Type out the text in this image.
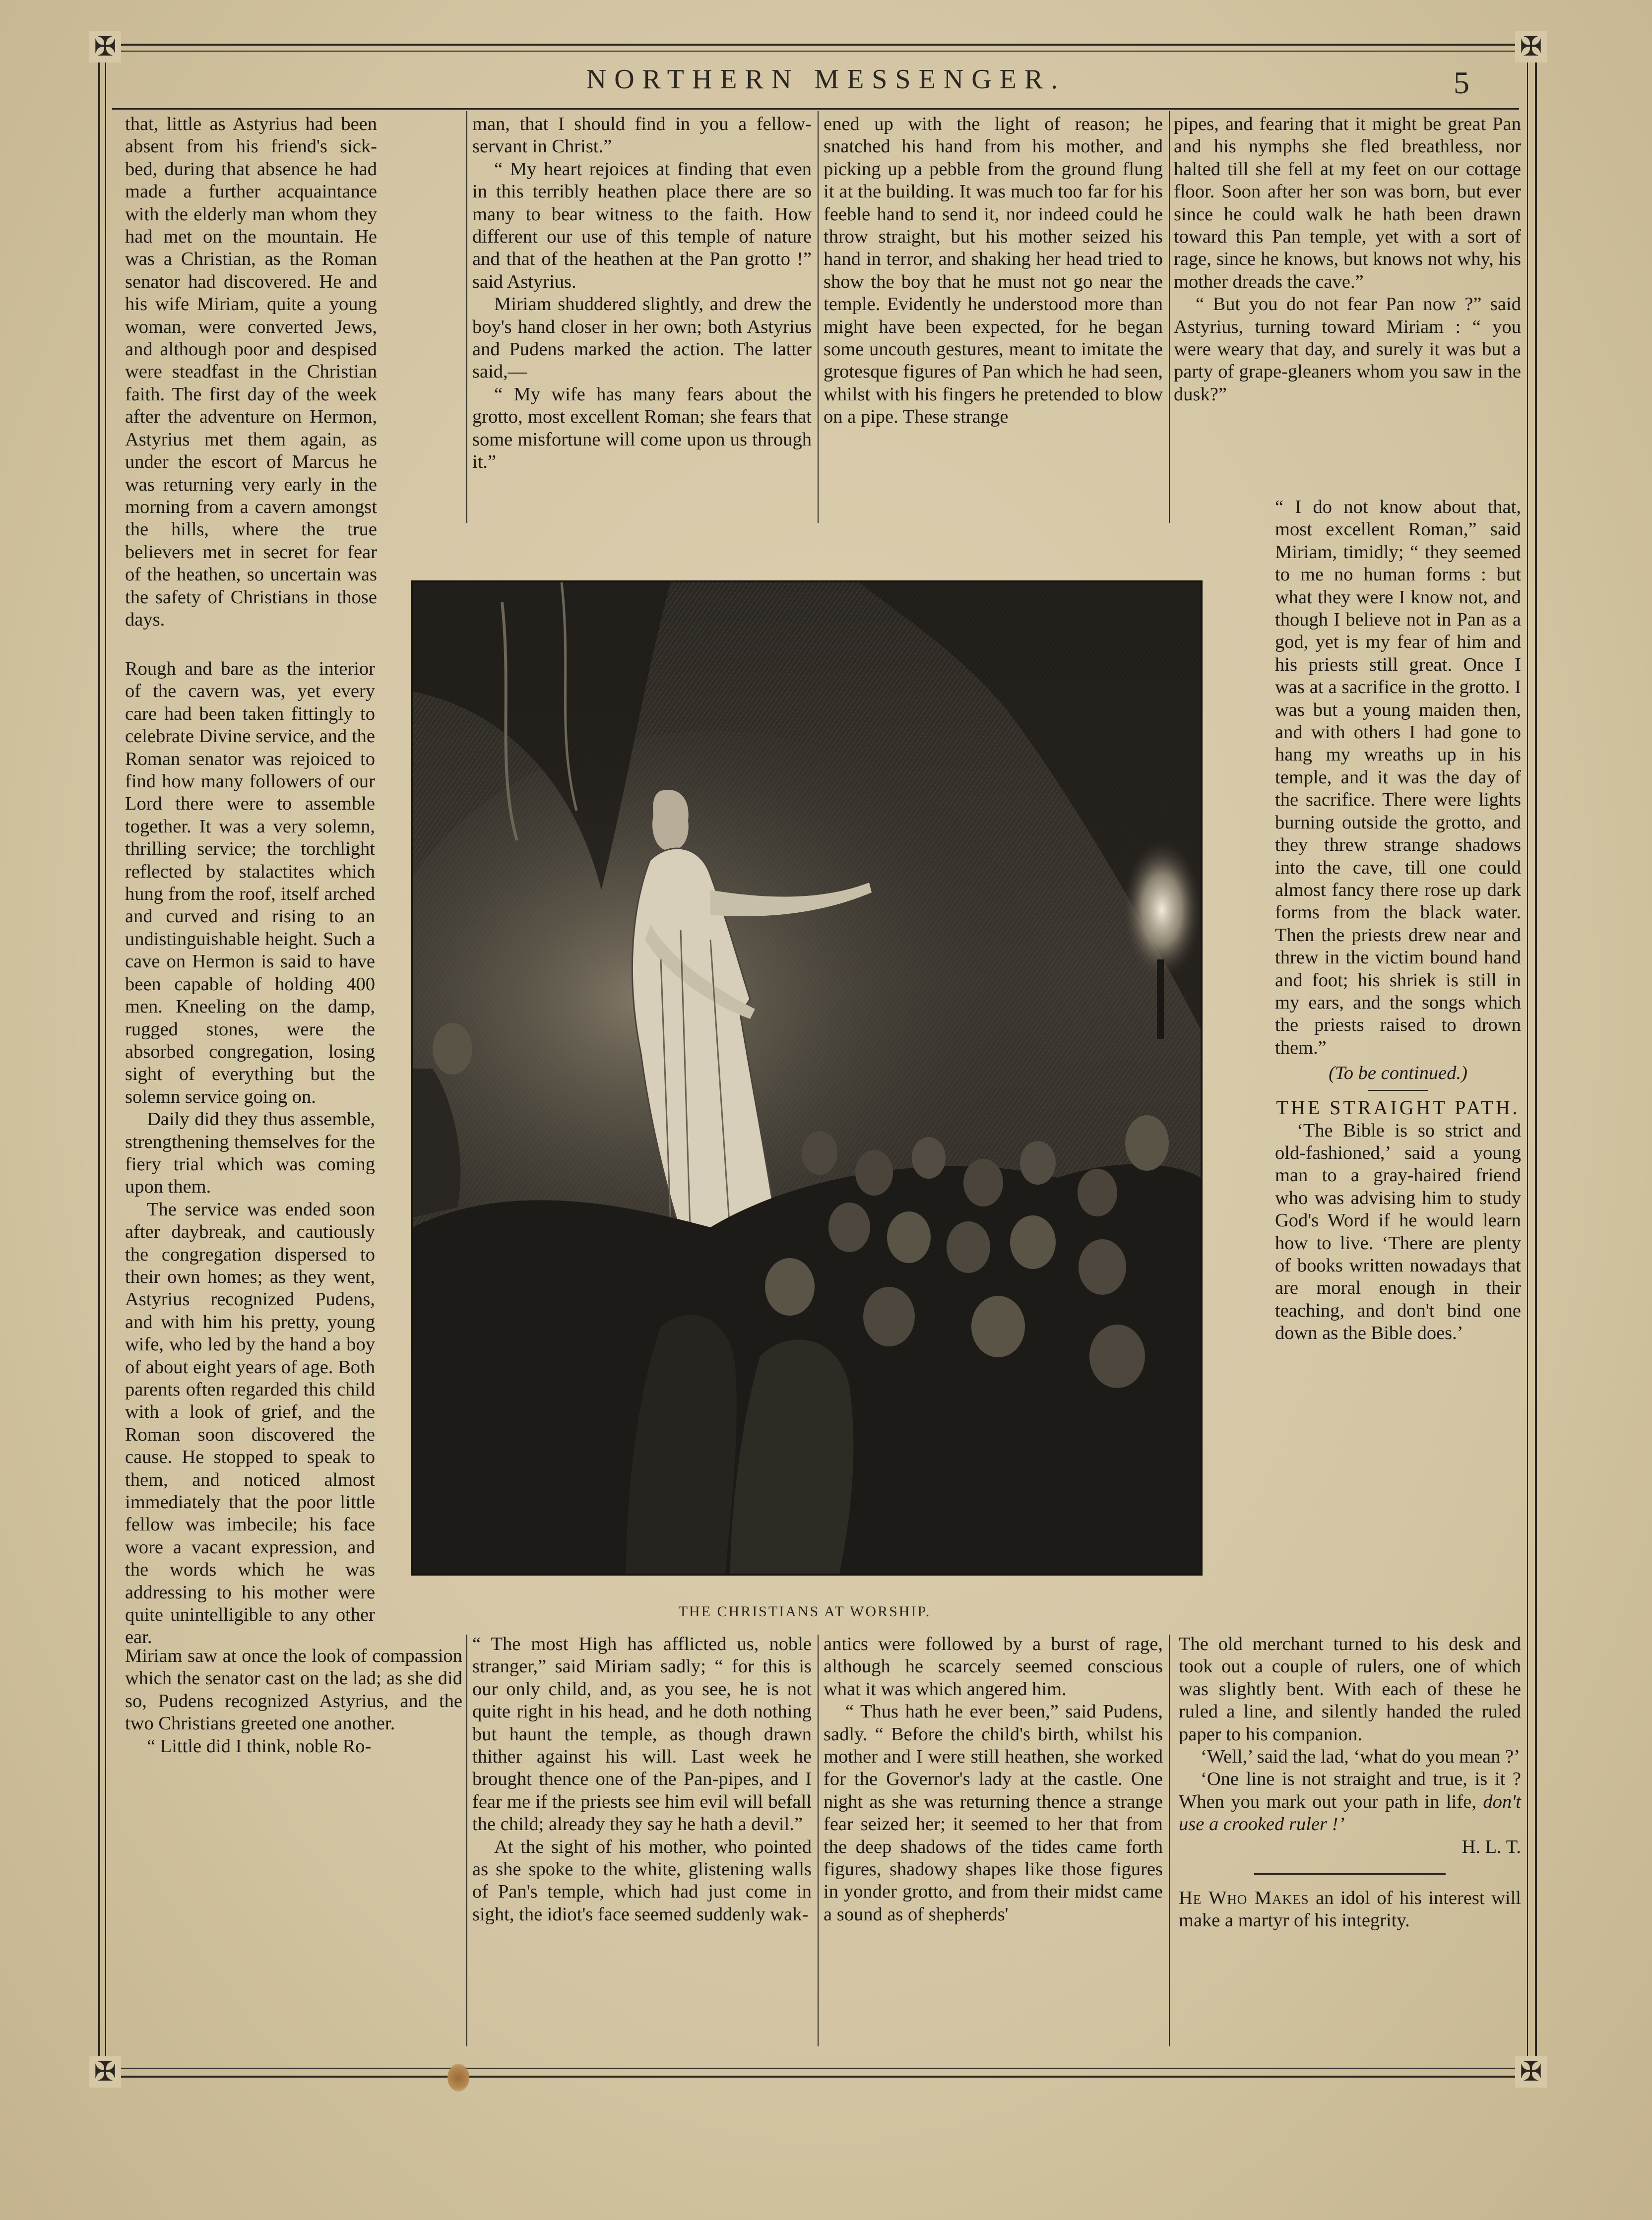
✠	✠
✠	✠
NORTHERN MESSENGER.	5

that, little as Astyrius had been absent from his friend's sick-bed, during that absence he had made a further acquaintance with the elderly man whom they had met on the mountain. He was a Christian, as the Roman senator had discovered. He and his wife Miriam, quite a young woman, were converted Jews, and although poor and despised were steadfast in the Christian faith. The first day of the week after the adventure on Hermon, Astyrius met them again, as under the escort of Marcus he was returning very early in the morning from a cavern amongst the hills, where the true believers met in secret for fear of the heathen, so uncertain was the safety of Christians in those days.

Rough and bare as the interior of the cavern was, yet every care had been taken fittingly to celebrate Divine service, and the Roman senator was rejoiced to find how many followers of our Lord there were to assemble together. It was a very solemn, thrilling service; the torchlight reflected by stalactites which hung from the roof, itself arched and curved and rising to an undistinguishable height. Such a cave on Hermon is said to have been capable of holding 400 men. Kneeling on the damp, rugged stones, were the absorbed congregation, losing sight of everything but the solemn service going on.

Daily did they thus assemble, strengthening themselves for the fiery trial which was coming upon them.

The service was ended soon after daybreak, and cautiously the congregation dispersed to their own homes; as they went, Astyrius recognized Pudens, and with him his pretty, young wife, who led by the hand a boy of about eight years of age. Both parents often regarded this child with a look of grief, and the Roman soon discovered the cause. He stopped to speak to them, and noticed almost immediately that the poor little fellow was imbecile; his face wore a vacant expression, and the words which he was addressing to his mother were quite unintelligible to any other ear.

Miriam saw at once the look of compassion which the senator cast on the lad; as she did so, Pudens recognized Astyrius, and the two Christians greeted one another.

“ Little did I think, noble Ro-

man, that I should find in you a fellow-servant in Christ.”

“ My heart rejoices at finding that even in this terribly heathen place there are so many to bear witness to the faith. How different our use of this temple of nature and that of the heathen at the Pan grotto !” said Astyrius.

Miriam shuddered slightly, and drew the boy's hand closer in her own; both Astyrius and Pudens marked the action. The latter said,—

“ My wife has many fears about the grotto, most excellent Roman; she fears that some misfortune will come upon us through it.”

ened up with the light of reason; he snatched his hand from his mother, and picking up a pebble from the ground flung it at the building. It was much too far for his feeble hand to send it, nor indeed could he throw straight, but his mother seized his hand in terror, and shaking her head tried to show the boy that he must not go near the temple. Evidently he understood more than might have been expected, for he began some uncouth gestures, meant to imitate the grotesque figures of Pan which he had seen, whilst with his fingers he pretended to blow on a pipe. These strange

pipes, and fearing that it might be great Pan and his nymphs she fled breathless, nor halted till she fell at my feet on our cottage floor. Soon after her son was born, but ever since he could walk he hath been drawn toward this Pan temple, yet with a sort of rage, since he knows, but knows not why, his mother dreads the cave.”

“ But you do not fear Pan now ?” said Astyrius, turning toward Miriam : “ you were weary that day, and surely it was but a party of grape-gleaners whom you saw in the dusk?”

“ I do not know about that, most excellent Roman,” said Miriam, timidly; “ they seemed to me no human forms : but what they were I know not, and though I believe not in Pan as a god, yet is my fear of him and his priests still great. Once I was at a sacrifice in the grotto. I was but a young maiden then, and with others I had gone to hang my wreaths up in his temple, and it was the day of the sacrifice. There were lights burning outside the grotto, and they threw strange shadows into the cave, till one could almost fancy there rose up dark forms from the black water. Then the priests drew near and threw in the victim bound hand and foot; his shriek is still in my ears, and the songs which the priests raised to drown them.”

(To be continued.)

THE STRAIGHT PATH.

‘The Bible is so strict and old-fashioned,’ said a young man to a gray-haired friend who was advising him to study God's Word if he would learn how to live. ‘There are plenty of books written nowadays that are moral enough in their teaching, and don't bind one down as the Bible does.’

THE CHRISTIANS AT WORSHIP.

“ The most High has afflicted us, noble stranger,” said Miriam sadly; “ for this is our only child, and, as you see, he is not quite right in his head, and he doth nothing but haunt the temple, as though drawn thither against his will. Last week he brought thence one of the Pan-pipes, and I fear me if the priests see him evil will befall the child; already they say he hath a devil.”

At the sight of his mother, who pointed as she spoke to the white, glistening walls of Pan's temple, which had just come in sight, the idiot's face seemed suddenly wak-

antics were followed by a burst of rage, although he scarcely seemed conscious what it was which angered him.

“ Thus hath he ever been,” said Pudens, sadly. “ Before the child's birth, whilst his mother and I were still heathen, she worked for the Governor's lady at the castle. One night as she was returning thence a strange fear seized her; it seemed to her that from the deep shadows of the tides came forth figures, shadowy shapes like those figures in yonder grotto, and from their midst came a sound as of shepherds'

The old merchant turned to his desk and took out a couple of rulers, one of which was slightly bent. With each of these he ruled a line, and silently handed the ruled paper to his companion.

‘Well,’ said the lad, ‘what do you mean ?’

‘One line is not straight and true, is it ? When you mark out your path in life, don't use a crooked ruler !’

H. L. T.

He Who Makes an idol of his interest will make a martyr of his integrity.
